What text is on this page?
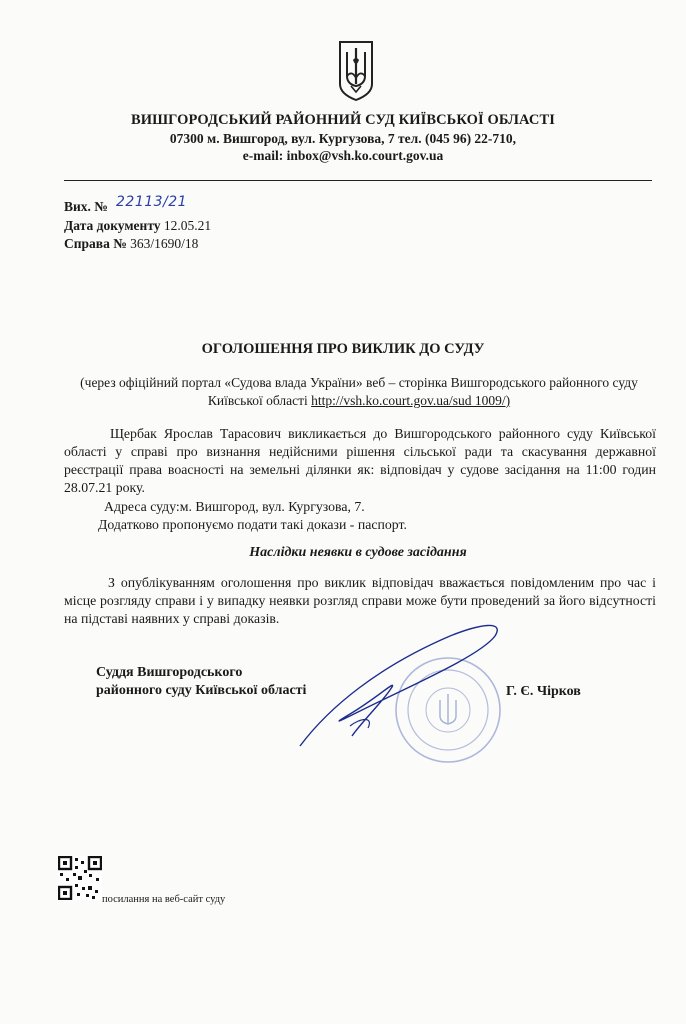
ВИШГОРОДСЬКИЙ РАЙОННИЙ СУД КИЇВСЬКОЇ ОБЛАСТІ
07300 м. Вишгород, вул. Кургузова, 7 тел. (045 96) 22-710,
e-mail: inbox@vsh.ko.court.gov.ua
Вих. № 22113/21
Дата документу 12.05.21
Справа № 363/1690/18
ОГОЛОШЕННЯ ПРО ВИКЛИК ДО СУДУ
(через офіційний портал «Судова влада України» веб – сторінка Вишгородського районного суду
Київської області http://vsh.ko.court.gov.ua/sud 1009/)
Щербак Ярослав Тарасович викликається до Вишгородського районного суду Київської області у справі про визнання недійсними рішення сільської ради та скасування державної реєстрації права воасності на земельні ділянки як: відповідач у судове засідання на 11:00 годин 28.07.21 року.
Адреса суду:м. Вишгород, вул. Кургузова, 7.
Додатково пропонуємо подати такі докази - паспорт.
Наслідки неявки в судове засідання
З опублікуванням оголошення про виклик відповідач вважається повідомленим про час і місце розгляду справи і у випадку неявки розгляд справи може бути проведений за його відсутності на підставі наявних у справі доказів.
Суддя Вишгородського
районного суду Київської області	Г. Є. Чірков
посилання на веб-сайт суду
